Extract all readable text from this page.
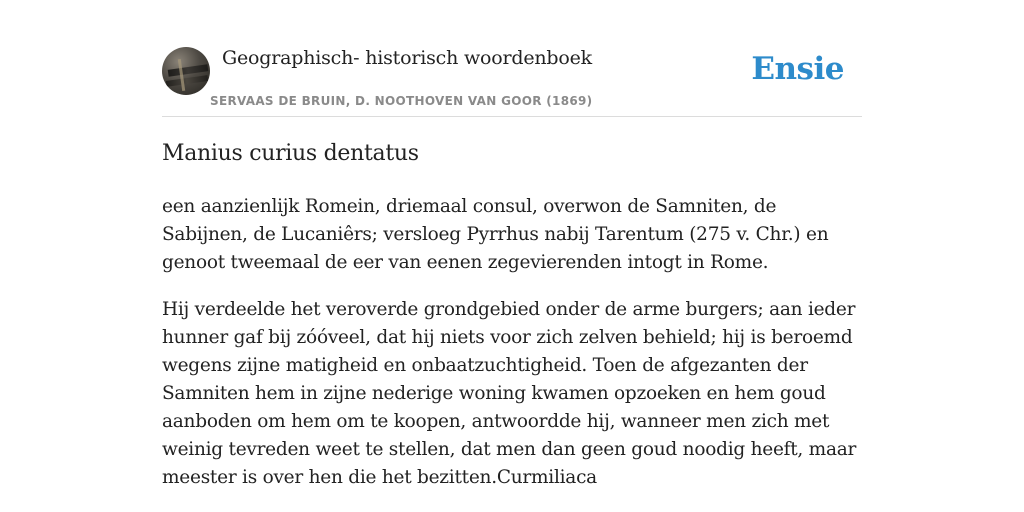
Geographisch- historisch woordenboek
SERVAAS DE BRUIN, D. NOOTHOVEN VAN GOOR (1869)
Ensie
Manius curius dentatus

een aanzienlijk Romein, driemaal consul, overwon de Samniten, de Sabijnen, de Lucaniêrs; versloeg Pyrrhus nabij Tarentum (275 v. Chr.) en genoot tweemaal de eer van eenen zegevierenden intogt in Rome.

Hij verdeelde het veroverde grondgebied onder de arme burgers; aan ieder hunner gaf bij zóóveel, dat hij niets voor zich zelven behield; hij is beroemd wegens zijne matigheid en onbaatzuchtigheid. Toen de afgezanten der Samniten hem in zijne nederige woning kwamen opzoeken en hem goud aanboden om hem om te koopen, antwoordde hij, wanneer men zich met weinig tevreden weet te stellen, dat men dan geen goud noodig heeft, maar meester is over hen die het bezitten.Curmiliaca
